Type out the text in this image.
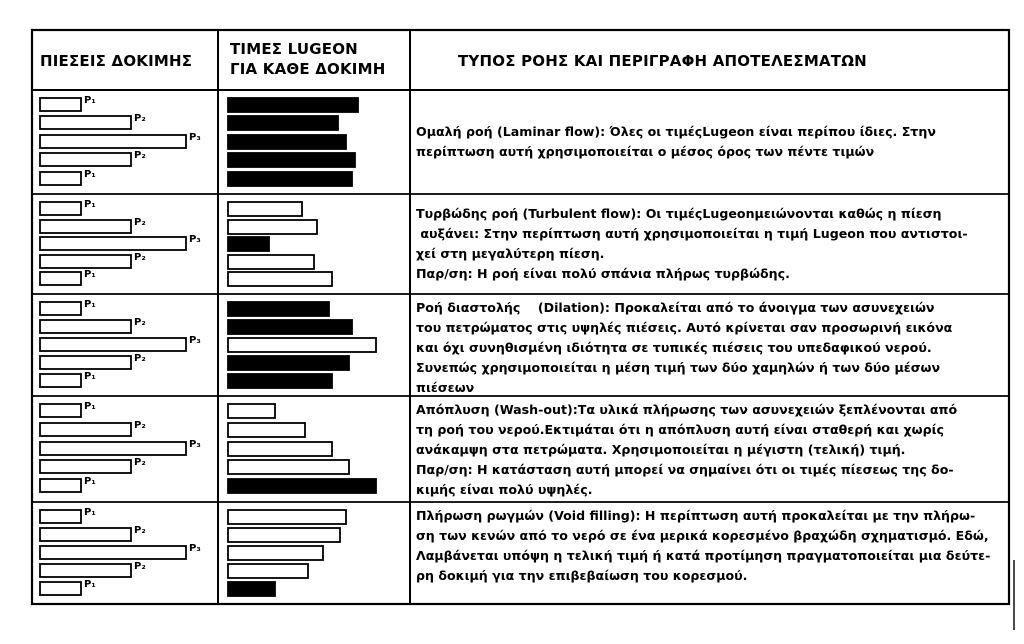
ΠΙΕΣΕΙΣ ΔΟΚΙΜΗΣ
TIMEΣ LUGEON
ΓΙΑ ΚΑΘΕ ΔΟΚΙΜΗ	ΤΥΠΟΣ ΡΟΗΣ ΚΑΙ ΠΕΡΙΓΡΑΦΗ ΑΠΟΤΕΛΕΣΜΑΤΩΝ
P₁
P₂
P₃
P₂
P₁
P₁
P₂
P₃
P₂
P₁
P₁
P₂
P₃
P₂
P₁
P₁
P₂
P₃
P₂
P₁
P₁
P₂
P₃
P₂
P₁
Ομαλή ροή (Laminar flow): Όλες οι τιμέςLugeon είναι περίπου ίδιες. Στην
περίπτωση αυτή χρησιμοποιείται ο μέσος όρος των πέντε τιμών
Τυρβώδης ροή (Turbulent flow): Οι τιμέςLugeonμειώνονται καθώς η πίεση
αυξάνει: Στην περίπτωση αυτή χρησιμοποιείται η τιμή Lugeon που αντιστοι-
χεί στη μεγαλύτερη πίεση.
Παρ/ση: Η ροή είναι πολύ σπάνια πλήρως τυρβώδης.
Ροή διαστολής    (Dilation): Προκαλείται από το άνοιγμα των ασυνεχειών
του πετρώματος στις υψηλές πιέσεις. Αυτό κρίνεται σαν προσωρινή εικόνα
και όχι συνηθισμένη ιδιότητα σε τυπικές πιέσεις του υπεδαφικού νερού.
Συνεπώς χρησιμοποιείται η μέση τιμή των δύο χαμηλών ή των δύο μέσων
πιέσεων
Απόπλυση (Wash-out):Τα υλικά πλήρωσης των ασυνεχειών ξεπλένονται από
τη ροή του νερού.Εκτιμάται ότι η απόπλυση αυτή είναι σταθερή και χωρίς
ανάκαμψη στα πετρώματα. Χρησιμοποιείται η μέγιστη (τελική) τιμή.
Παρ/ση: Η κατάσταση αυτή μπορεί να σημαίνει ότι οι τιμές πίεσεως της δο-
κιμής είναι πολύ υψηλές.
Πλήρωση ρωγμών (Void filling): Η περίπτωση αυτή προκαλείται με την πλήρω-
ση των κενών από το νερό σε ένα μερικά κορεσμένο βραχώδη σχηματισμό. Εδώ,
Λαμβάνεται υπόψη η τελική τιμή ή κατά προτίμηση πραγματοποιείται μια δεύτε-
ρη δοκιμή για την επιβεβαίωση του κορεσμού.
